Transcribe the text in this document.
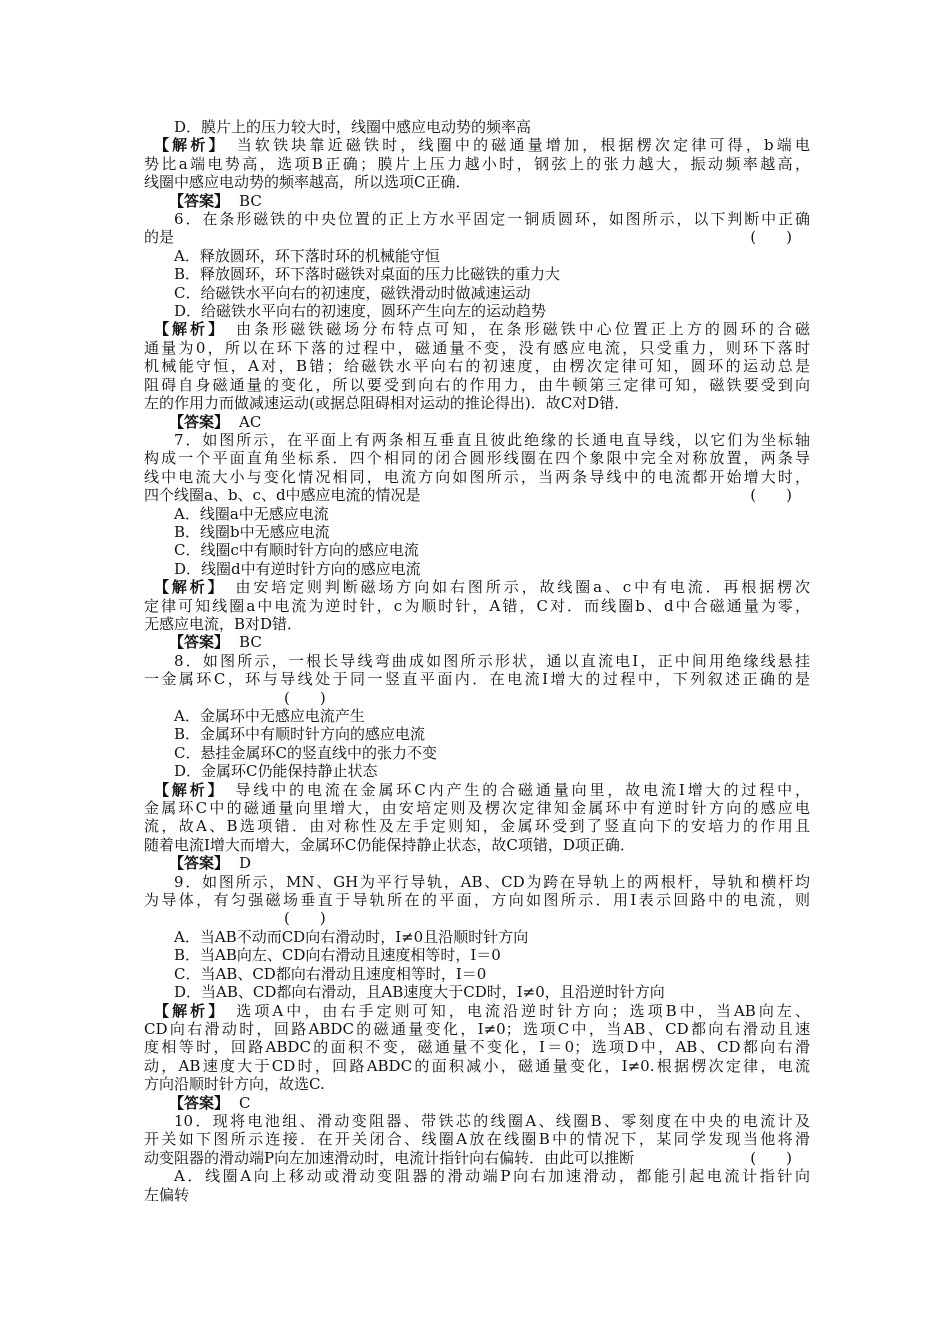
D．膜片上的压力较大时，线圈中感应电动势的频率高
【解析】 当软铁块靠近磁铁时，线圈中的磁通量增加，根据楞次定律可得，b端电
势比a端电势高，选项B正确；膜片上压力越小时，钢弦上的张力越大，振动频率越高，
线圈中感应电动势的频率越高，所以选项C正确．
【答案】 BC
6．在条形磁铁的中央位置的正上方水平固定一铜质圆环，如图所示，以下判断中正确
的是	(　　)
A．释放圆环，环下落时环的机械能守恒
B．释放圆环，环下落时磁铁对桌面的压力比磁铁的重力大
C．给磁铁水平向右的初速度，磁铁滑动时做减速运动
D．给磁铁水平向右的初速度，圆环产生向左的运动趋势
【解析】 由条形磁铁磁场分布特点可知，在条形磁铁中心位置正上方的圆环的合磁
通量为0，所以在环下落的过程中，磁通量不变，没有感应电流，只受重力，则环下落时
机械能守恒，A对，B错；给磁铁水平向右的初速度，由楞次定律可知，圆环的运动总是
阻碍自身磁通量的变化，所以要受到向右的作用力，由牛顿第三定律可知，磁铁要受到向
左的作用力而做减速运动(或据总阻碍相对运动的推论得出)．故C对D错．
【答案】 AC
7．如图所示，在平面上有两条相互垂直且彼此绝缘的长通电直导线，以它们为坐标轴
构成一个平面直角坐标系．四个相同的闭合圆形线圈在四个象限中完全对称放置，两条导
线中电流大小与变化情况相同，电流方向如图所示，当两条导线中的电流都开始增大时，
四个线圈a、b、c、d中感应电流的情况是	(　　)
A．线圈a中无感应电流
B．线圈b中无感应电流
C．线圈c中有顺时针方向的感应电流
D．线圈d中有逆时针方向的感应电流
【解析】 由安培定则判断磁场方向如右图所示，故线圈a、c中有电流．再根据楞次
定律可知线圈a中电流为逆时针，c为顺时针，A错，C对．而线圈b、d中合磁通量为零，
无感应电流，B对D错．
【答案】 BC
8．如图所示，一根长导线弯曲成如图所示形状，通以直流电I，正中间用绝缘线悬挂
一金属环C，环与导线处于同一竖直平面内．在电流I增大的过程中，下列叙述正确的是
(　　)
A．金属环中无感应电流产生
B．金属环中有顺时针方向的感应电流
C．悬挂金属环C的竖直线中的张力不变
D．金属环C仍能保持静止状态
【解析】 导线中的电流在金属环C内产生的合磁通量向里，故电流I增大的过程中，
金属环C中的磁通量向里增大，由安培定则及楞次定律知金属环中有逆时针方向的感应电
流，故A、B选项错．由对称性及左手定则知，金属环受到了竖直向下的安培力的作用且
随着电流I增大而增大，金属环C仍能保持静止状态，故C项错，D项正确．
【答案】 D
9．如图所示，MN、GH为平行导轨，AB、CD为跨在导轨上的两根杆，导轨和横杆均
为导体，有匀强磁场垂直于导轨所在的平面，方向如图所示．用I表示回路中的电流，则
(　　)
A．当AB不动而CD向右滑动时，I≠0且沿顺时针方向
B．当AB向左、CD向右滑动且速度相等时，I＝0
C．当AB、CD都向右滑动且速度相等时，I＝0
D．当AB、CD都向右滑动，且AB速度大于CD时，I≠0，且沿逆时针方向
【解析】 选项A中，由右手定则可知，电流沿逆时针方向；选项B中，当AB向左、
CD向右滑动时，回路ABDC的磁通量变化，I≠0；选项C中，当AB、CD都向右滑动且速
度相等时，回路ABDC的面积不变，磁通量不变化，I＝0；选项D中，AB、CD都向右滑
动，AB速度大于CD时，回路ABDC的面积减小，磁通量变化，I≠0.根据楞次定律，电流
方向沿顺时针方向，故选C.
【答案】 C
10．现将电池组、滑动变阻器、带铁芯的线圈A、线圈B、零刻度在中央的电流计及
开关如下图所示连接．在开关闭合、线圈A放在线圈B中的情况下，某同学发现当他将滑
动变阻器的滑动端P向左加速滑动时，电流计指针向右偏转．由此可以推断	(　　)
A．线圈A向上移动或滑动变阻器的滑动端P向右加速滑动，都能引起电流计指针向
左偏转
